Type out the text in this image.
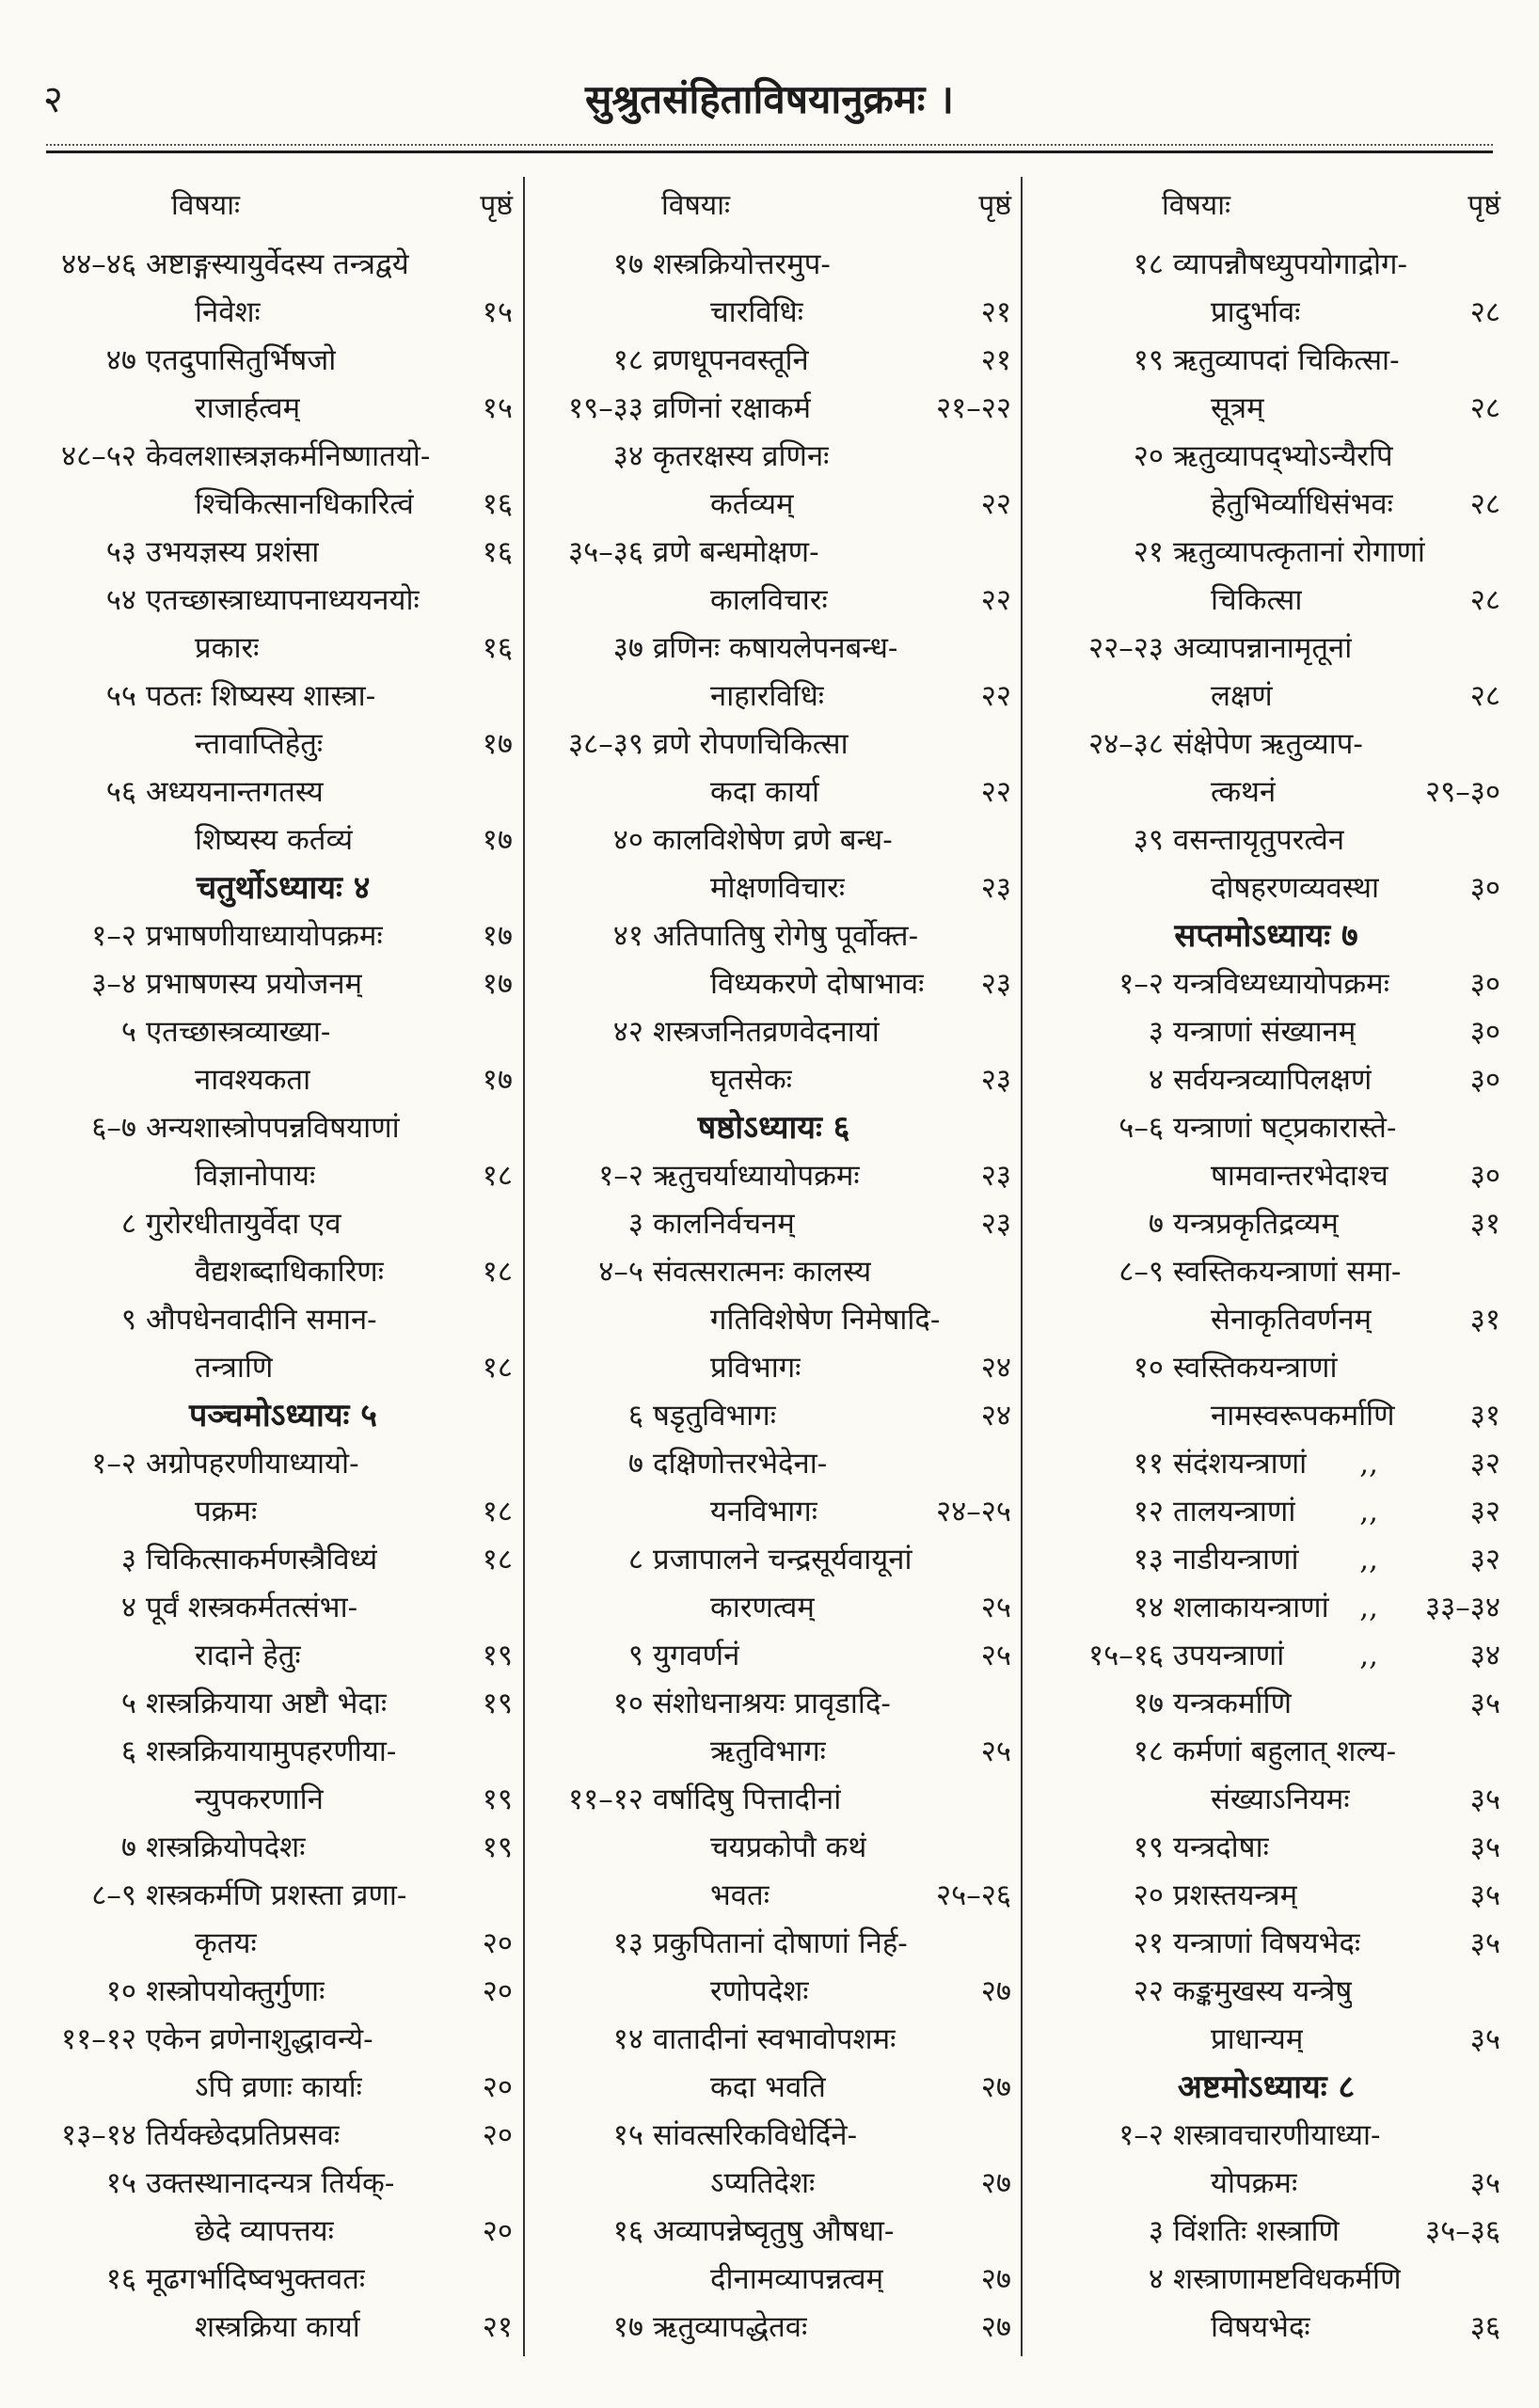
२	सुश्रुतसंहिताविषयानुक्रमः ।
विषयाः	पृष्ठं
४४–४६ अष्टाङ्गस्यायुर्वेदस्य तन्त्रद्वये
निवेशः	१५
४७ एतदुपासितुर्भिषजो
राजार्हत्वम्	१५
४८–५२ केवलशास्त्रज्ञकर्मनिष्णातयो-
श्चिकित्सानधिकारित्वं	१६
५३ उभयज्ञस्य प्रशंसा	१६
५४ एतच्छास्त्राध्यापनाध्ययनयोः
प्रकारः	१६
५५ पठतः शिष्यस्य शास्त्रा-
न्तावाप्तिहेतुः	१७
५६ अध्ययनान्तगतस्य
शिष्यस्य कर्तव्यं	१७
चतुर्थोऽध्यायः ४
१–२ प्रभाषणीयाध्यायोपक्रमः	१७
३–४ प्रभाषणस्य प्रयोजनम्	१७
५ एतच्छास्त्रव्याख्या-
नावश्यकता	१७
६–७ अन्यशास्त्रोपपन्नविषयाणां
विज्ञानोपायः	१८
८ गुरोरधीतायुर्वेदा एव
वैद्यशब्दाधिकारिणः	१८
९ औपधेनवादीनि समान-
तन्त्राणि	१८
पञ्चमोऽध्यायः ५
१–२ अग्रोपहरणीयाध्यायो-
पक्रमः	१८
३ चिकित्साकर्मणस्त्रैविध्यं	१८
४ पूर्वं शस्त्रकर्मतत्संभा-
रादाने हेतुः	१९
५ शस्त्रक्रियाया अष्टौ भेदाः	१९
६ शस्त्रक्रियायामुपहरणीया-
न्युपकरणानि	१९
७ शस्त्रक्रियोपदेशः	१९
८–९ शस्त्रकर्मणि प्रशस्ता व्रणा-
कृतयः	२०
१० शस्त्रोपयोक्तुर्गुणाः	२०
११–१२ एकेन व्रणेनाशुद्धावन्ये-
ऽपि व्रणाः कार्याः	२०
१३–१४ तिर्यक्छेदप्रतिप्रसवः	२०
१५ उक्तस्थानादन्यत्र तिर्यक्-
छेदे व्यापत्तयः	२०
१६ मूढगर्भादिष्वभुक्तवतः
शस्त्रक्रिया कार्या	२१
विषयाः	पृष्ठं
१७ शस्त्रक्रियोत्तरमुप-
चारविधिः	२१
१८ व्रणधूपनवस्तूनि	२१
१९–३३ व्रणिनां रक्षाकर्म	२१–२२
३४ कृतरक्षस्य व्रणिनः
कर्तव्यम्	२२
३५–३६ व्रणे बन्धमोक्षण-
कालविचारः	२२
३७ व्रणिनः कषायलेपनबन्ध-
नाहारविधिः	२२
३८–३९ व्रणे रोपणचिकित्सा
कदा कार्या	२२
४० कालविशेषेण व्रणे बन्ध-
मोक्षणविचारः	२३
४१ अतिपातिषु रोगेषु पूर्वोक्त-
विध्यकरणे दोषाभावः	२३
४२ शस्त्रजनितव्रणवेदनायां
घृतसेकः	२३
षष्ठोऽध्यायः ६
१–२ ऋतुचर्याध्यायोपक्रमः	२३
३ कालनिर्वचनम्	२३
४–५ संवत्सरात्मनः कालस्य
गतिविशेषेण निमेषादि-
प्रविभागः	२४
६ षडृतुविभागः	२४
७ दक्षिणोत्तरभेदेना-
यनविभागः	२४–२५
८ प्रजापालने चन्द्रसूर्यवायूनां
कारणत्वम्	२५
९ युगवर्णनं	२५
१० संशोधनाश्रयः प्रावृडादि-
ऋतुविभागः	२५
११–१२ वर्षादिषु पित्तादीनां
चयप्रकोपौ कथं
भवतः	२५–२६
१३ प्रकुपितानां दोषाणां निर्ह-
रणोपदेशः	२७
१४ वातादीनां स्वभावोपशमः
कदा भवति	२७
१५ सांवत्सरिकविधेर्दिने-
ऽप्यतिदेशः	२७
१६ अव्यापन्नेष्वृतुषु औषधा-
दीनामव्यापन्नत्वम्	२७
१७ ऋतुव्यापद्धेतवः	२७
विषयाः	पृष्ठं
१८ व्यापन्नौषध्युपयोगाद्रोग-
प्रादुर्भावः	२८
१९ ऋतुव्यापदां चिकित्सा-
सूत्रम्	२८
२० ऋतुव्यापद्भ्योऽन्यैरपि
हेतुभिर्व्याधिसंभवः	२८
२१ ऋतुव्यापत्कृतानां रोगाणां
चिकित्सा	२८
२२–२३ अव्यापन्नानामृतूनां
लक्षणं	२८
२४–३८ संक्षेपेण ऋतुव्याप-
त्कथनं	२९–३०
३९ वसन्तायृतुपरत्वेन
दोषहरणव्यवस्था	३०
सप्तमोऽध्यायः ७
१–२ यन्त्रविध्यध्यायोपक्रमः	३०
३ यन्त्राणां संख्यानम्	३०
४ सर्वयन्त्रव्यापिलक्षणं	३०
५–६ यन्त्राणां षट्प्रकारास्ते-
षामवान्तरभेदाश्च	३०
७ यन्त्रप्रकृतिद्रव्यम्	३१
८–९ स्वस्तिकयन्त्राणां समा-
सेनाकृतिवर्णनम्	३१
१० स्वस्तिकयन्त्राणां
नामस्वरूपकर्माणि	३१
११ संदंशयन्त्राणां ,,	३२
१२ तालयन्त्राणां ,,	३२
१३ नाडीयन्त्राणां ,,	३२
१४ शलाकायन्त्राणां ,,	३३–३४
१५–१६ उपयन्त्राणां	,,	३४
१७ यन्त्रकर्माणि	३५
१८ कर्मणां बहुलात् शल्य-
संख्याऽनियमः	३५
१९ यन्त्रदोषाः	३५
२० प्रशस्तयन्त्रम्	३५
२१ यन्त्राणां विषयभेदः	३५
२२ कङ्कमुखस्य यन्त्रेषु
प्राधान्यम्	३५
अष्टमोऽध्यायः ८
१–२ शस्त्रावचारणीयाध्या-
योपक्रमः	३५
३ विंशतिः शस्त्राणि	३५–३६
४ शस्त्राणामष्टविधकर्मणि
विषयभेदः	३६
